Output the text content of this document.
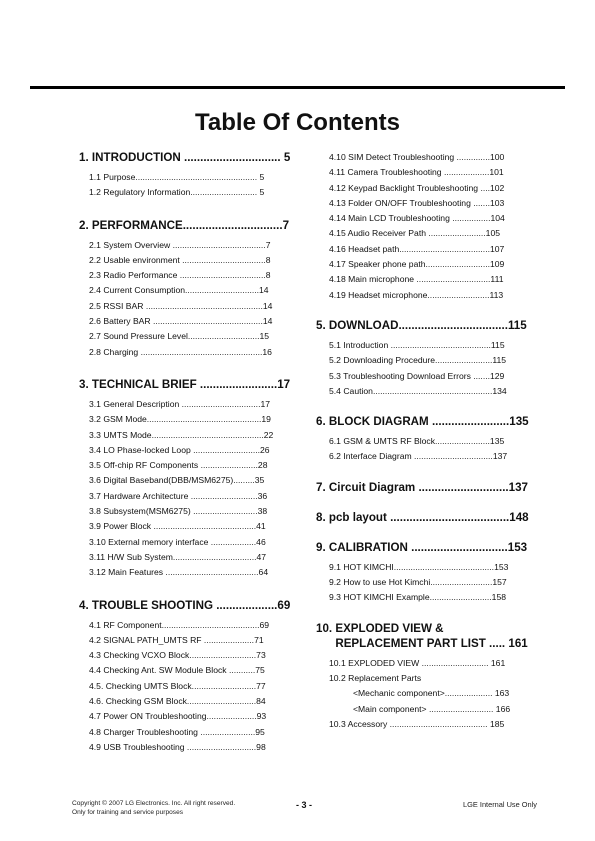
Table Of Contents
1. INTRODUCTION .............................. 5
1.1 Purpose................................................... 5
1.2 Regulatory Information............................ 5
2. PERFORMANCE...............................7
2.1 System Overview .......................................7
2.2 Usable environment ...................................8
2.3 Radio Performance ....................................8
2.4 Current Consumption...............................14
2.5 RSSI BAR .................................................14
2.6 Battery BAR ..............................................14
2.7 Sound Pressure Level..............................15
2.8 Charging ...................................................16
3. TECHNICAL BRIEF ........................17
3.1 General Description .................................17
3.2 GSM Mode................................................19
3.3 UMTS Mode...............................................22
3.4 LO Phase-locked Loop ............................26
3.5 Off-chip RF Components ........................28
3.6 Digital Baseband(DBB/MSM6275).........35
3.7 Hardware Architecture ............................36
3.8 Subsystem(MSM6275) ...........................38
3.9 Power Block ...........................................41
3.10 External memory interface ...................46
3.11 H/W Sub System...................................47
3.12 Main Features .......................................64
4. TROUBLE SHOOTING ...................69
4.1 RF Component.........................................69
4.2 SIGNAL PATH_UMTS RF .....................71
4.3 Checking VCXO Block............................73
4.4 Checking Ant. SW Module Block ...........75
4.5. Checking UMTS Block...........................77
4.6. Checking GSM Block.............................84
4.7 Power ON Troubleshooting.....................93
4.8 Charger Troubleshooting .......................95
4.9 USB Troubleshooting .............................98
4.10 SIM Detect Troubleshooting ..............100
4.11 Camera Troubleshooting ...................101
4.12 Keypad Backlight Troubleshooting ....102
4.13 Folder ON/OFF Troubleshooting .......103
4.14 Main LCD Troubleshooting ................104
4.15 Audio Receiver Path ........................105
4.16 Headset path......................................107
4.17 Speaker phone path...........................109
4.18 Main microphone ...............................111
4.19 Headset microphone..........................113
5. DOWNLOAD..................................115
5.1 Introduction ..........................................115
5.2 Downloading Procedure........................115
5.3 Troubleshooting Download Errors .......129
5.4 Caution..................................................134
6. BLOCK DIAGRAM ........................135
6.1 GSM & UMTS RF Block.......................135
6.2 Interface Diagram .................................137
7. Circuit Diagram ............................137
8. pcb layout .....................................148
9. CALIBRATION ..............................153
9.1 HOT KIMCHI..........................................153
9.2 How to use Hot Kimchi..........................157
9.3 HOT KIMCHI Example..........................158
10. EXPLODED VIEW &
REPLACEMENT PART LIST ..... 161
10.1 EXPLODED VIEW ............................ 161
10.2 Replacement Parts
<Mechanic component>.................... 163
<Main component> ........................... 166
10.3 Accessory ......................................... 185
Copyright © 2007 LG Electronics. Inc. All right reserved.
Only for training and service purposes
- 3 -	LGE Internal Use Only
